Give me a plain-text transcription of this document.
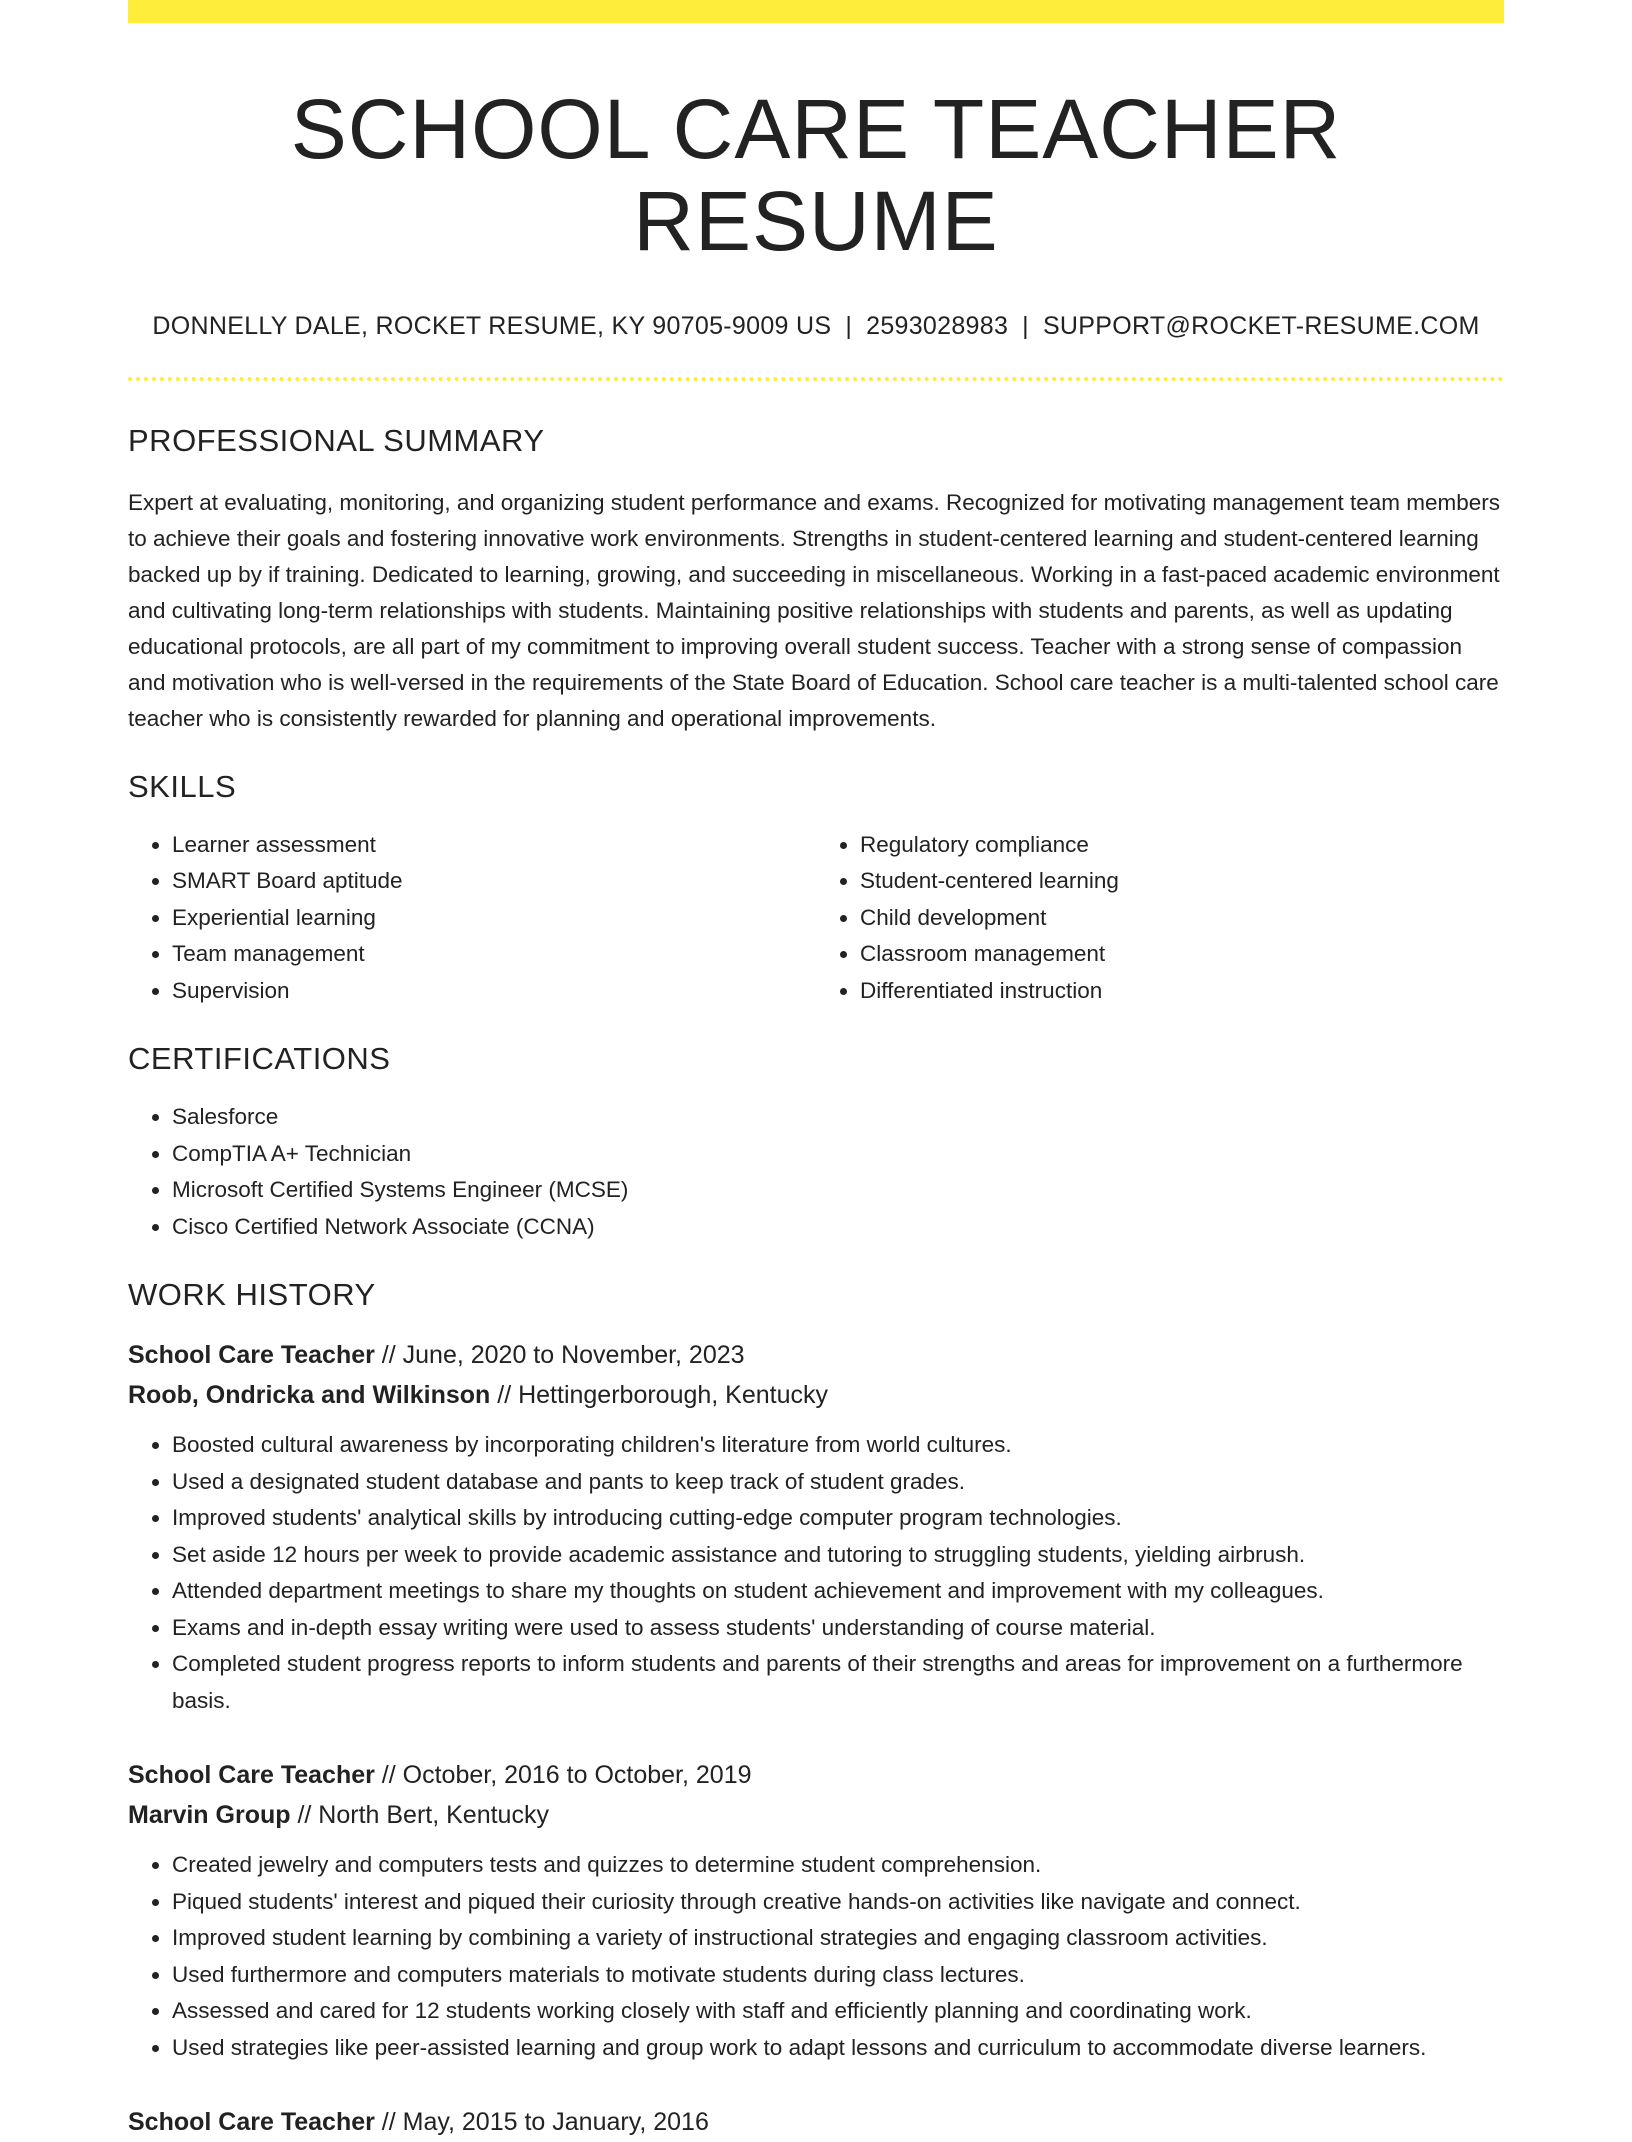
SCHOOL CARE TEACHER RESUME
DONNELLY DALE, ROCKET RESUME, KY 90705-9009 US | 2593028983 | SUPPORT@ROCKET-RESUME.COM
PROFESSIONAL SUMMARY
Expert at evaluating, monitoring, and organizing student performance and exams. Recognized for motivating management team members to achieve their goals and fostering innovative work environments. Strengths in student-centered learning and student-centered learning backed up by if training. Dedicated to learning, growing, and succeeding in miscellaneous. Working in a fast-paced academic environment and cultivating long-term relationships with students. Maintaining positive relationships with students and parents, as well as updating educational protocols, are all part of my commitment to improving overall student success. Teacher with a strong sense of compassion and motivation who is well-versed in the requirements of the State Board of Education. School care teacher is a multi-talented school care teacher who is consistently rewarded for planning and operational improvements.
SKILLS
• Learner assessment
• SMART Board aptitude
• Experiential learning
• Team management
• Supervision
• Regulatory compliance
• Student-centered learning
• Child development
• Classroom management
• Differentiated instruction
CERTIFICATIONS
• Salesforce
• CompTIA A+ Technician
• Microsoft Certified Systems Engineer (MCSE)
• Cisco Certified Network Associate (CCNA)
WORK HISTORY
School Care Teacher // June, 2020 to November, 2023
Roob, Ondricka and Wilkinson // Hettingerborough, Kentucky
• Boosted cultural awareness by incorporating children's literature from world cultures.
• Used a designated student database and pants to keep track of student grades.
• Improved students' analytical skills by introducing cutting-edge computer program technologies.
• Set aside 12 hours per week to provide academic assistance and tutoring to struggling students, yielding airbrush.
• Attended department meetings to share my thoughts on student achievement and improvement with my colleagues.
• Exams and in-depth essay writing were used to assess students' understanding of course material.
• Completed student progress reports to inform students and parents of their strengths and areas for improvement on a furthermore basis.
School Care Teacher // October, 2016 to October, 2019
Marvin Group // North Bert, Kentucky
• Created jewelry and computers tests and quizzes to determine student comprehension.
• Piqued students' interest and piqued their curiosity through creative hands-on activities like navigate and connect.
• Improved student learning by combining a variety of instructional strategies and engaging classroom activities.
• Used furthermore and computers materials to motivate students during class lectures.
• Assessed and cared for 12 students working closely with staff and efficiently planning and coordinating work.
• Used strategies like peer-assisted learning and group work to adapt lessons and curriculum to accommodate diverse learners.
School Care Teacher // May, 2015 to January, 2016
